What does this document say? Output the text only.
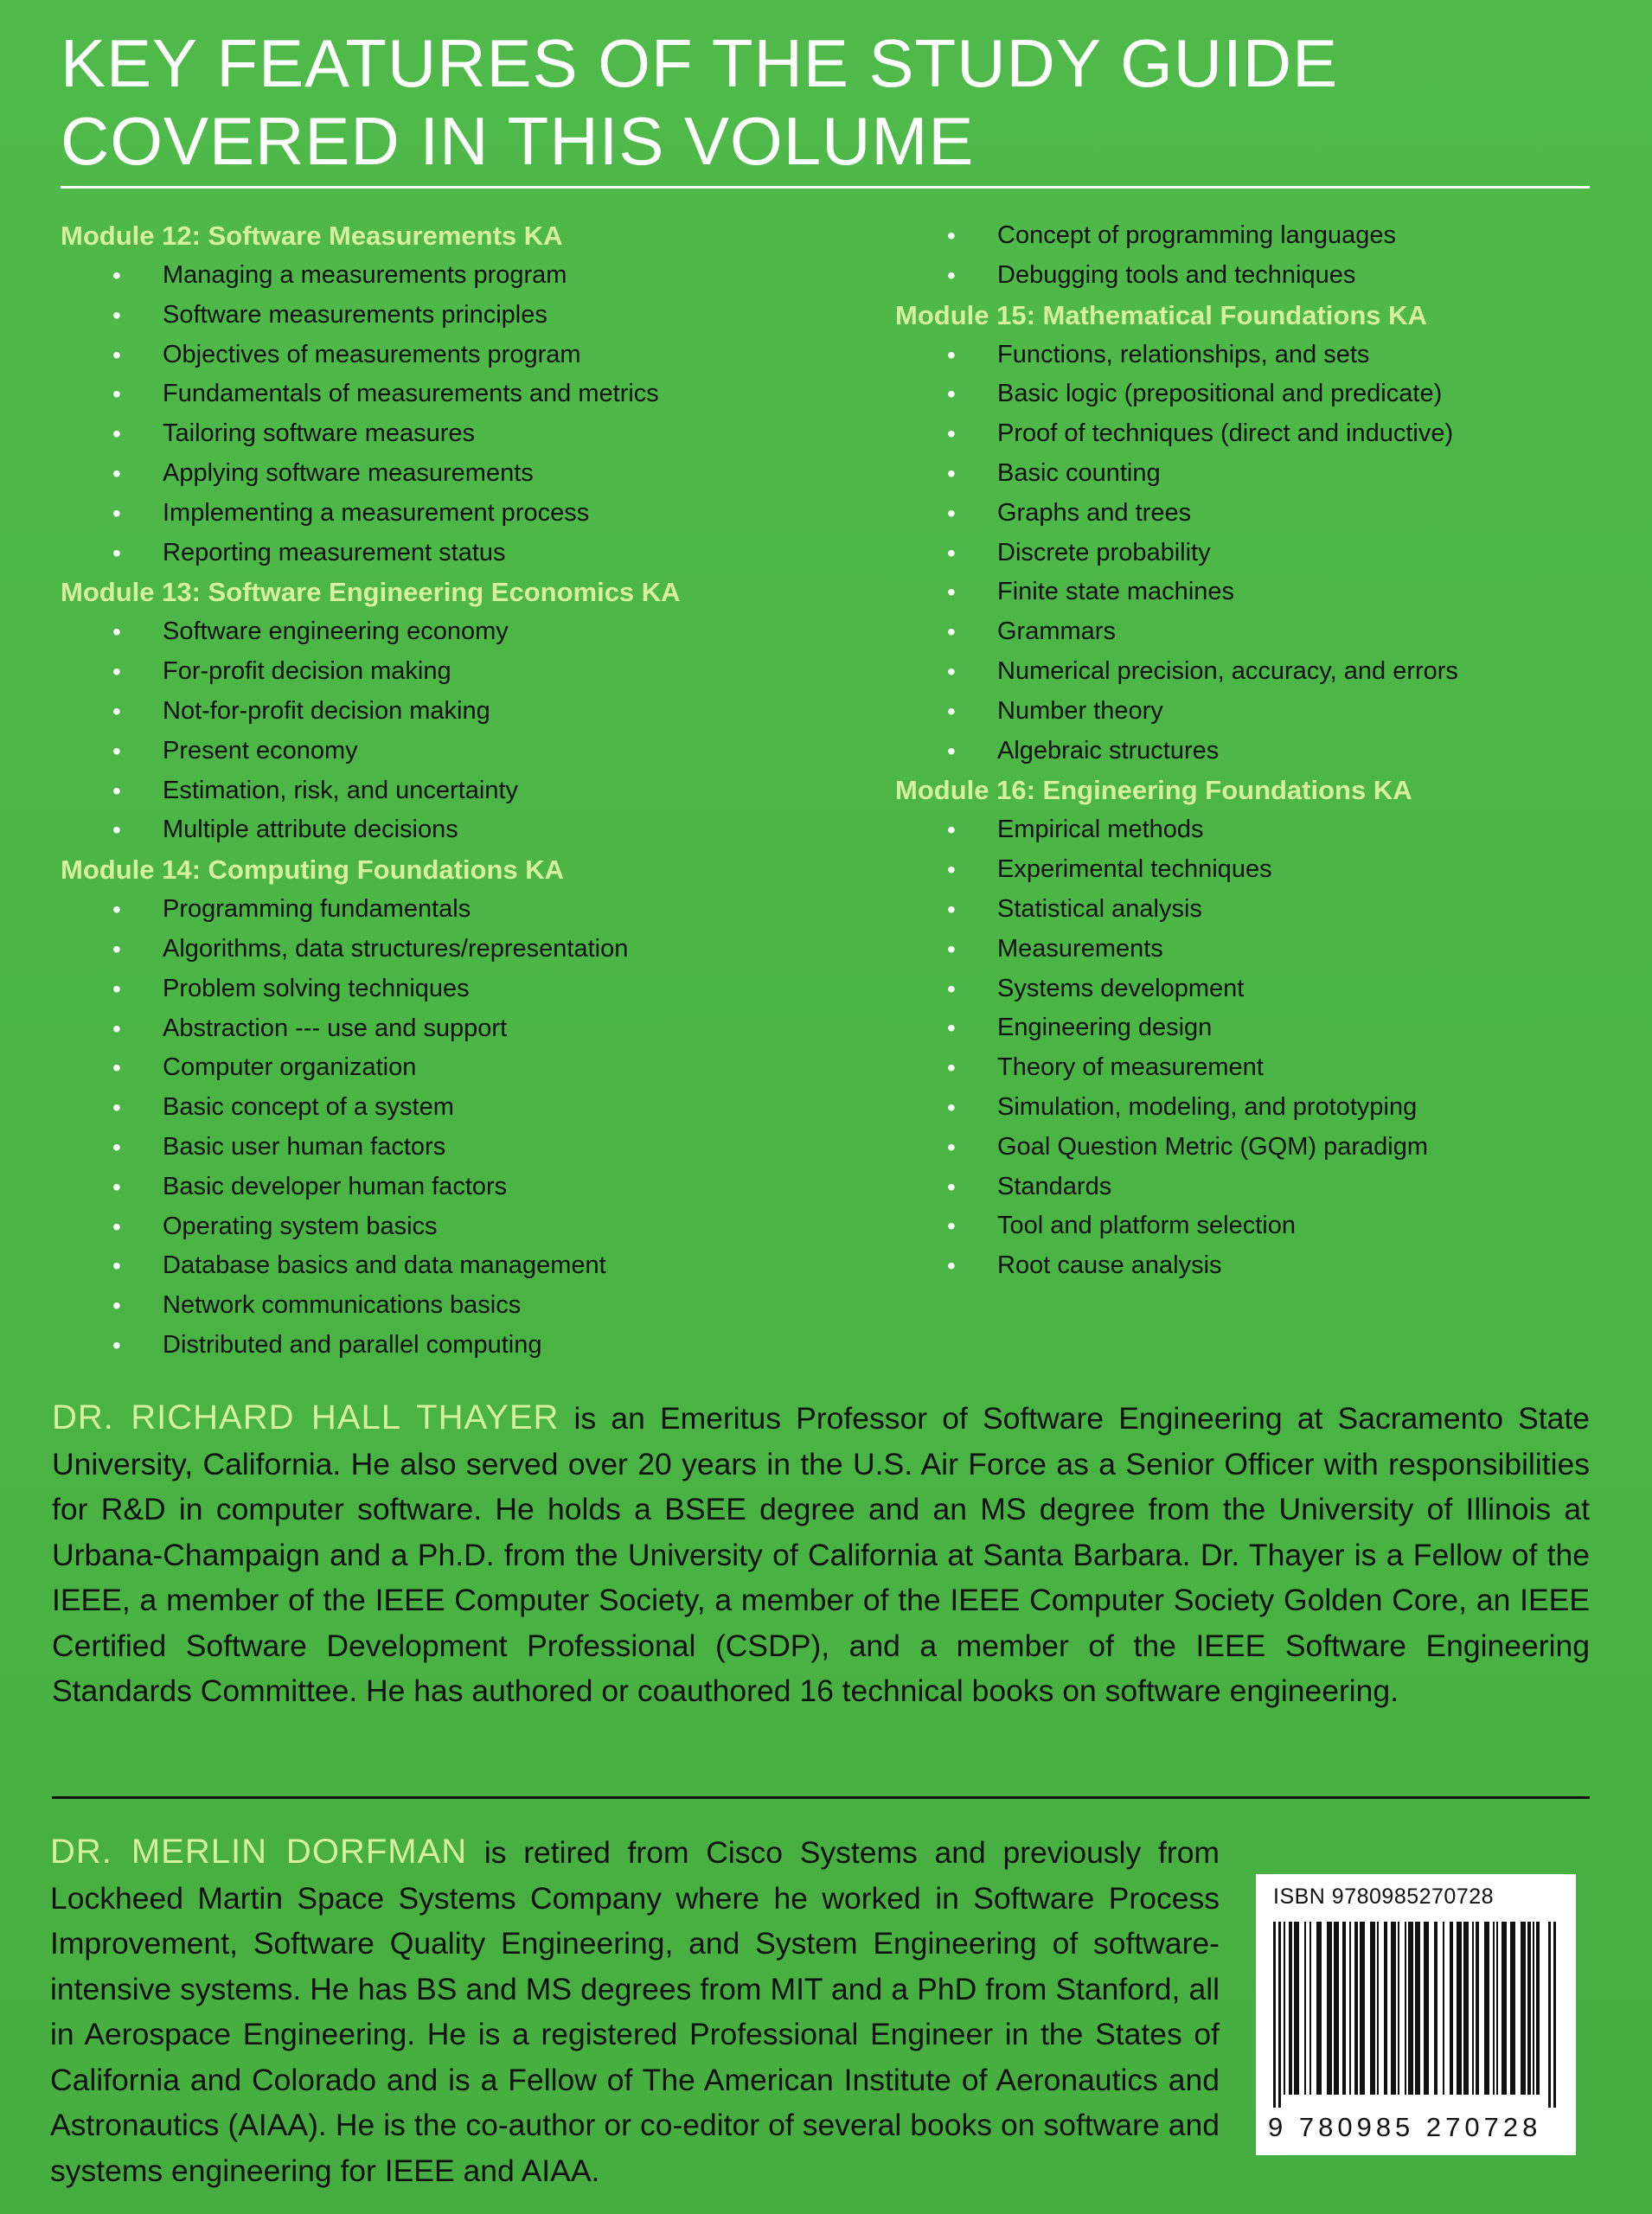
KEY FEATURES OF THE STUDY GUIDE
COVERED IN THIS VOLUME
Module 12: Software Measurements KA
• Managing a measurements program
• Software measurements principles
• Objectives of measurements program
• Fundamentals of measurements and metrics
• Tailoring software measures
• Applying software measurements
• Implementing a measurement process
• Reporting measurement status
Module 13: Software Engineering Economics KA
• Software engineering economy
• For-profit decision making
• Not-for-profit decision making
• Present economy
• Estimation, risk, and uncertainty
• Multiple attribute decisions
Module 14: Computing Foundations KA
• Programming fundamentals
• Algorithms, data structures/representation
• Problem solving techniques
• Abstraction --- use and support
• Computer organization
• Basic concept of a system
• Basic user human factors
• Basic developer human factors
• Operating system basics
• Database basics and data management
• Network communications basics
• Distributed and parallel computing
• Concept of programming languages
• Debugging tools and techniques
Module 15: Mathematical Foundations KA
• Functions, relationships, and sets
• Basic logic (prepositional and predicate)
• Proof of techniques (direct and inductive)
• Basic counting
• Graphs and trees
• Discrete probability
• Finite state machines
• Grammars
• Numerical precision, accuracy, and errors
• Number theory
• Algebraic structures
Module 16: Engineering Foundations KA
• Empirical methods
• Experimental techniques
• Statistical analysis
• Measurements
• Systems development
• Engineering design
• Theory of measurement
• Simulation, modeling, and prototyping
• Goal Question Metric (GQM) paradigm
• Standards
• Tool and platform selection
• Root cause analysis

DR. RICHARD HALL THAYER is an Emeritus Professor of Software Engineering at Sacramento State University, California. He also served over 20 years in the U.S. Air Force as a Senior Officer with responsibilities for R&D in computer software. He holds a BSEE degree and an MS degree from the University of Illinois at Urbana-Champaign and a Ph.D. from the University of California at Santa Barbara. Dr. Thayer is a Fellow of the IEEE, a member of the IEEE Computer Society, a member of the IEEE Computer Society Golden Core, an IEEE Certified Software Development Professional (CSDP), and a member of the IEEE Software Engineering Standards Committee. He has authored or coauthored 16 technical books on software engineering.

DR. MERLIN DORFMAN is retired from Cisco Systems and previously from Lockheed Martin Space Systems Company where he worked in Software Process Improvement, Software Quality Engineering, and System Engineering of software-intensive systems. He has BS and MS degrees from MIT and a PhD from Stanford, all in Aerospace Engineering. He is a registered Professional Engineer in the States of California and Colorado and is a Fellow of The American Institute of Aeronautics and Astronautics (AIAA). He is the co-author or co-editor of several books on software and systems engineering for IEEE and AIAA.

ISBN 9780985270728
9 780985 270728
